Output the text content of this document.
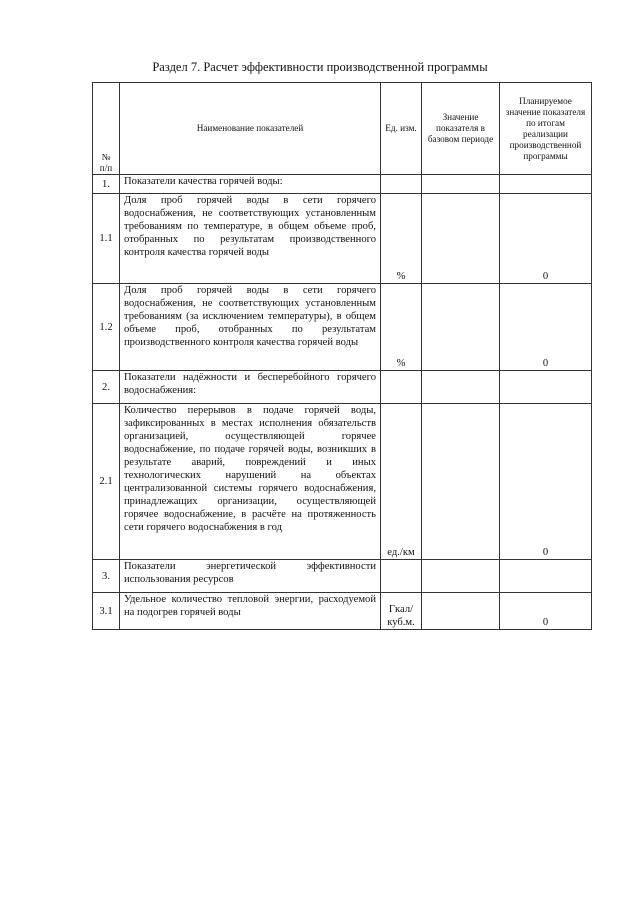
Раздел 7. Расчет эффективности производственной программы
№ п/п	Наименование показателей	Ед. изм.	Значение показателя в базовом периоде	Планируемое значение показателя по итогам реализации производственной программы
1.	Показатели качества горячей воды:			
1.1	Доля проб горячей воды в сети горячего водоснабжения, не соответствующих установленным требованиям по температуре, в общем объеме проб, отобранных по результатам производственного контроля качества горячей воды	%		0
1.2	Доля проб горячей воды в сети горячего водоснабжения, не соответствующих установленным требованиям (за исключением температуры), в общем объеме проб, отобранных по результатам производственного контроля качества горячей воды	%		0
2.	Показатели надёжности и бесперебойного горячего водоснабжения:			
2.1	Количество перерывов в подаче горячей воды, зафиксированных в местах исполнения обязательств организацией, осуществляющей горячее водоснабжение, по подаче горячей воды, возникших в результате аварий, повреждений и иных технологических нарушений на объектах централизованной системы горячего водоснабжения, принадлежащих организации, осуществляющей горячее водоснабжение, в расчёте на протяженность сети горячего водоснабжения в год	ед./км		0
3.	Показатели энергетической эффективности использования ресурсов			
3.1	Удельное количество тепловой энергии, расходуемой на подогрев горячей воды	Гкал/ куб.м.		0
